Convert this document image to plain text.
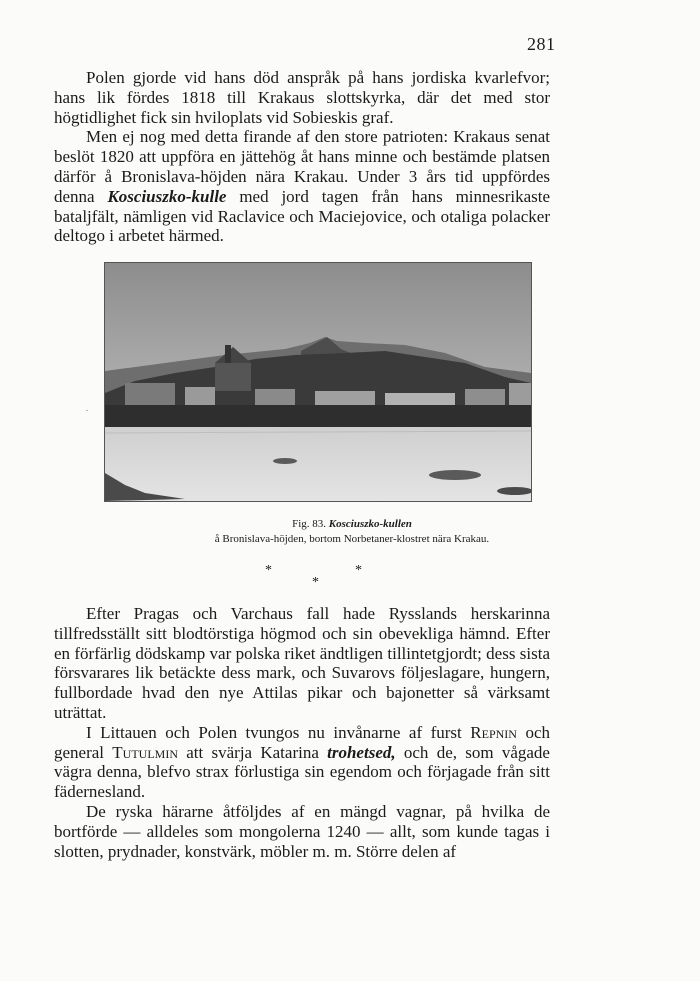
281

Polen gjorde vid hans död anspråk på hans jordiska kvarlefvor; hans lik fördes 1818 till Krakaus slottskyrka, där det med stor högtidlighet fick sin hviloplats vid Sobieskis graf.

Men ej nog med detta firande af den store patrioten: Krakaus senat beslöt 1820 att uppföra en jättehög åt hans minne och bestämde platsen därför å Bronislava-höjden nära Krakau. Under 3 års tid uppfördes denna Kosciuszko-kulle med jord tagen från hans minnesrikaste bataljfält, nämligen vid Raclavice och Maciejovice, och otaliga polacker deltogo i arbetet härmed.

.
Fig. 83. Kosciuszko-kullen
å Bronislava-höjden, bortom Norbetaner-klostret nära Krakau.
*	*
*

Efter Pragas och Varchaus fall hade Rysslands herskarinna tillfredsställt sitt blodtörstiga högmod och sin obevekliga hämnd. Efter en förfärlig dödskamp var polska riket ändtligen tillintetgjordt; dess sista försvarares lik betäckte dess mark, och Suvarovs följeslagare, hungern, fullbordade hvad den nye Attilas pikar och bajonetter så värksamt uträttat.

I Littauen och Polen tvungos nu invånarne af furst Repnin och general Tutulmin att svärja Katarina trohetsed, och de, som vågade vägra denna, blefvo strax förlustiga sin egendom och förjagade från sitt fädernesland.

De ryska härarne åtföljdes af en mängd vagnar, på hvilka de bortförde — alldeles som mongolerna 1240 — allt, som kunde tagas i slotten, prydnader, konstvärk, möbler m. m. Större delen af
